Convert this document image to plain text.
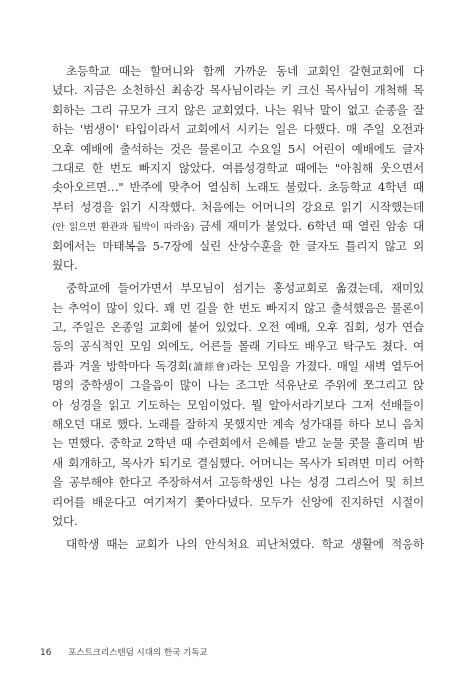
초등학교 때는 할머니와 함께 가까운 동네 교회인 갈현교회에 다
녔다. 지금은 소천하신 최송강 목사님이라는 키 크신 목사님이 개척해 목
회하는 그리 규모가 크지 않은 교회였다. 나는 워낙 말이 없고 순종을 잘
하는 '범생이' 타입이라서 교회에서 시키는 일은 다했다. 매 주일 오전과
오후 예배에 출석하는 것은 물론이고 수요일 5시 어린이 예배에도 글자
그대로 한 번도 빠지지 않았다. 여름성경학교 때에는 "아침해 웃으면서
솟아오르면…" 반주에 맞추어 열심히 노래도 불렀다. 초등학교 4학년 때
부터 성경을 읽기 시작했다. 처음에는 어머니의 강요로 읽기 시작했는데
(안 읽으면 환관과 됩박이 따라옴) 금세 재미가 붙었다. 6학년 때 열린 암송 대
회에서는 마태복음 5-7장에 실린 산상수훈을 한 글자도 틀리지 않고 외
웠다.
중학교에 들어가면서 부모님이 섬기는 홍성교회로 옮겼는데, 재미있
는 추억이 많이 있다. 꽤 먼 길을 한 번도 빠지지 않고 출석했음은 물론이
고, 주일은 온종일 교회에 붙어 있었다. 오전 예배, 오후 집회, 성가 연습
등의 공식적인 모임 외에도, 어른들 몰래 기타도 배우고 탁구도 쳤다. 여
름과 겨울 방학마다 독경회(讀經會)라는 모임을 가졌다. 매일 새벽 열두어
명의 중학생이 그을음이 많이 나는 조그만 석유난로 주위에 쪼그리고 앉
아 성경을 읽고 기도하는 모임이었다. 뭘 알아서라기보다 그저 선배들이
해오던 대로 했다. 노래를 잘하지 못했지만 계속 성가대를 하다 보니 음치
는 면했다. 중학교 2학년 때 수련회에서 은혜를 받고 눈물 콧물 흘리며 밤
새 회개하고, 목사가 되기로 결심했다. 어머니는 목사가 되려면 미리 어학
을 공부해야 한다고 주장하셔서 고등학생인 나는 성경 그리스어 및 히브
리어를 배운다고 여기저기 쫓아다녔다. 모두가 신앙에 진지하던 시절이
었다.
대학생 때는 교회가 나의 안식처요 피난처였다. 학교 생활에 적응하
16 포스트크리스텐덤 시대의 한국 기독교
